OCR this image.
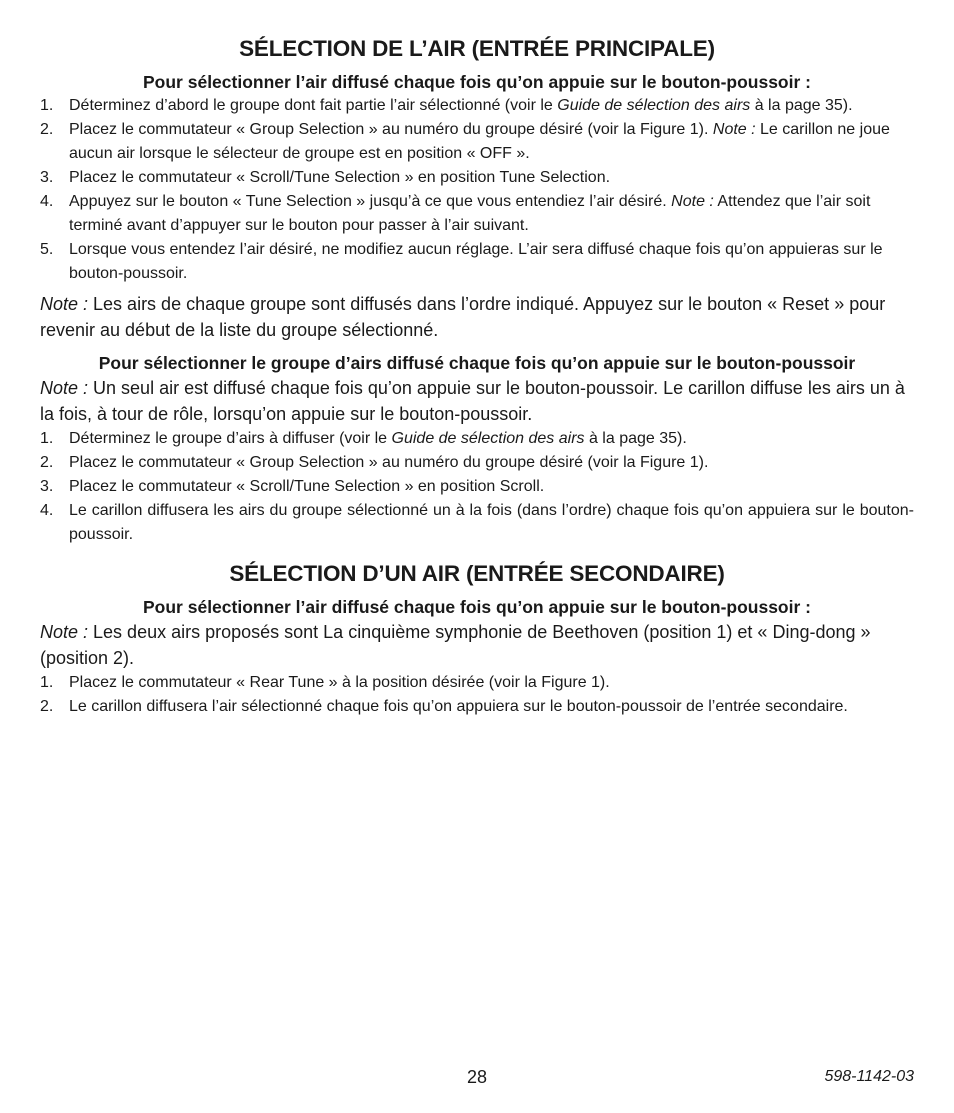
SÉLECTION DE L’AIR (ENTRÉE PRINCIPALE)
Pour sélectionner l’air diffusé chaque fois qu’on appuie sur le bouton-poussoir :
1. Déterminez d’abord le groupe dont fait partie l’air sélectionné (voir le Guide de sélection des airs à la page 35).
2. Placez le commutateur « Group Selection » au numéro du groupe désiré (voir la Figure 1). Note : Le carillon ne joue aucun air lorsque le sélecteur de groupe est en position « OFF ».
3. Placez le commutateur « Scroll/Tune Selection » en position Tune Selection.
4. Appuyez sur le bouton « Tune Selection » jusqu’à ce que vous entendiez l’air désiré. Note : Attendez que l’air soit terminé avant d’appuyer sur le bouton pour passer à l’air suivant.
5. Lorsque vous entendez l’air désiré, ne modifiez aucun réglage. L’air sera diffusé chaque fois qu’on appuieras sur le bouton-poussoir.

Note : Les airs de chaque groupe sont diffusés dans l’ordre indiqué. Appuyez sur le bouton « Reset » pour revenir au début de la liste du groupe sélectionné.

Pour sélectionner le groupe d’airs diffusé chaque fois qu’on appuie sur le bouton-poussoir

Note : Un seul air est diffusé chaque fois qu’on appuie sur le bouton-poussoir. Le carillon diffuse les airs un à la fois, à tour de rôle, lorsqu’on appuie sur le bouton-poussoir.

1. Déterminez le groupe d’airs à diffuser (voir le Guide de sélection des airs à la page 35).
2. Placez le commutateur « Group Selection » au numéro du groupe désiré (voir la Figure 1).
3. Placez le commutateur « Scroll/Tune Selection » en position Scroll.
4. Le carillon diffusera les airs du groupe sélectionné un à la fois (dans l’ordre) chaque fois qu’on appuiera sur le bouton-poussoir.
SÉLECTION D’UN AIR (ENTRÉE SECONDAIRE)
Pour sélectionner l’air diffusé chaque fois qu’on appuie sur le bouton-poussoir :

Note : Les deux airs proposés sont La cinquième symphonie de Beethoven (position 1) et « Ding-dong » (position 2).

1. Placez le commutateur « Rear Tune » à la position désirée (voir la Figure 1).
2. Le carillon diffusera l’air sélectionné chaque fois qu’on appuiera sur le bouton-poussoir de l’entrée secondaire.
28	598-1142-03
